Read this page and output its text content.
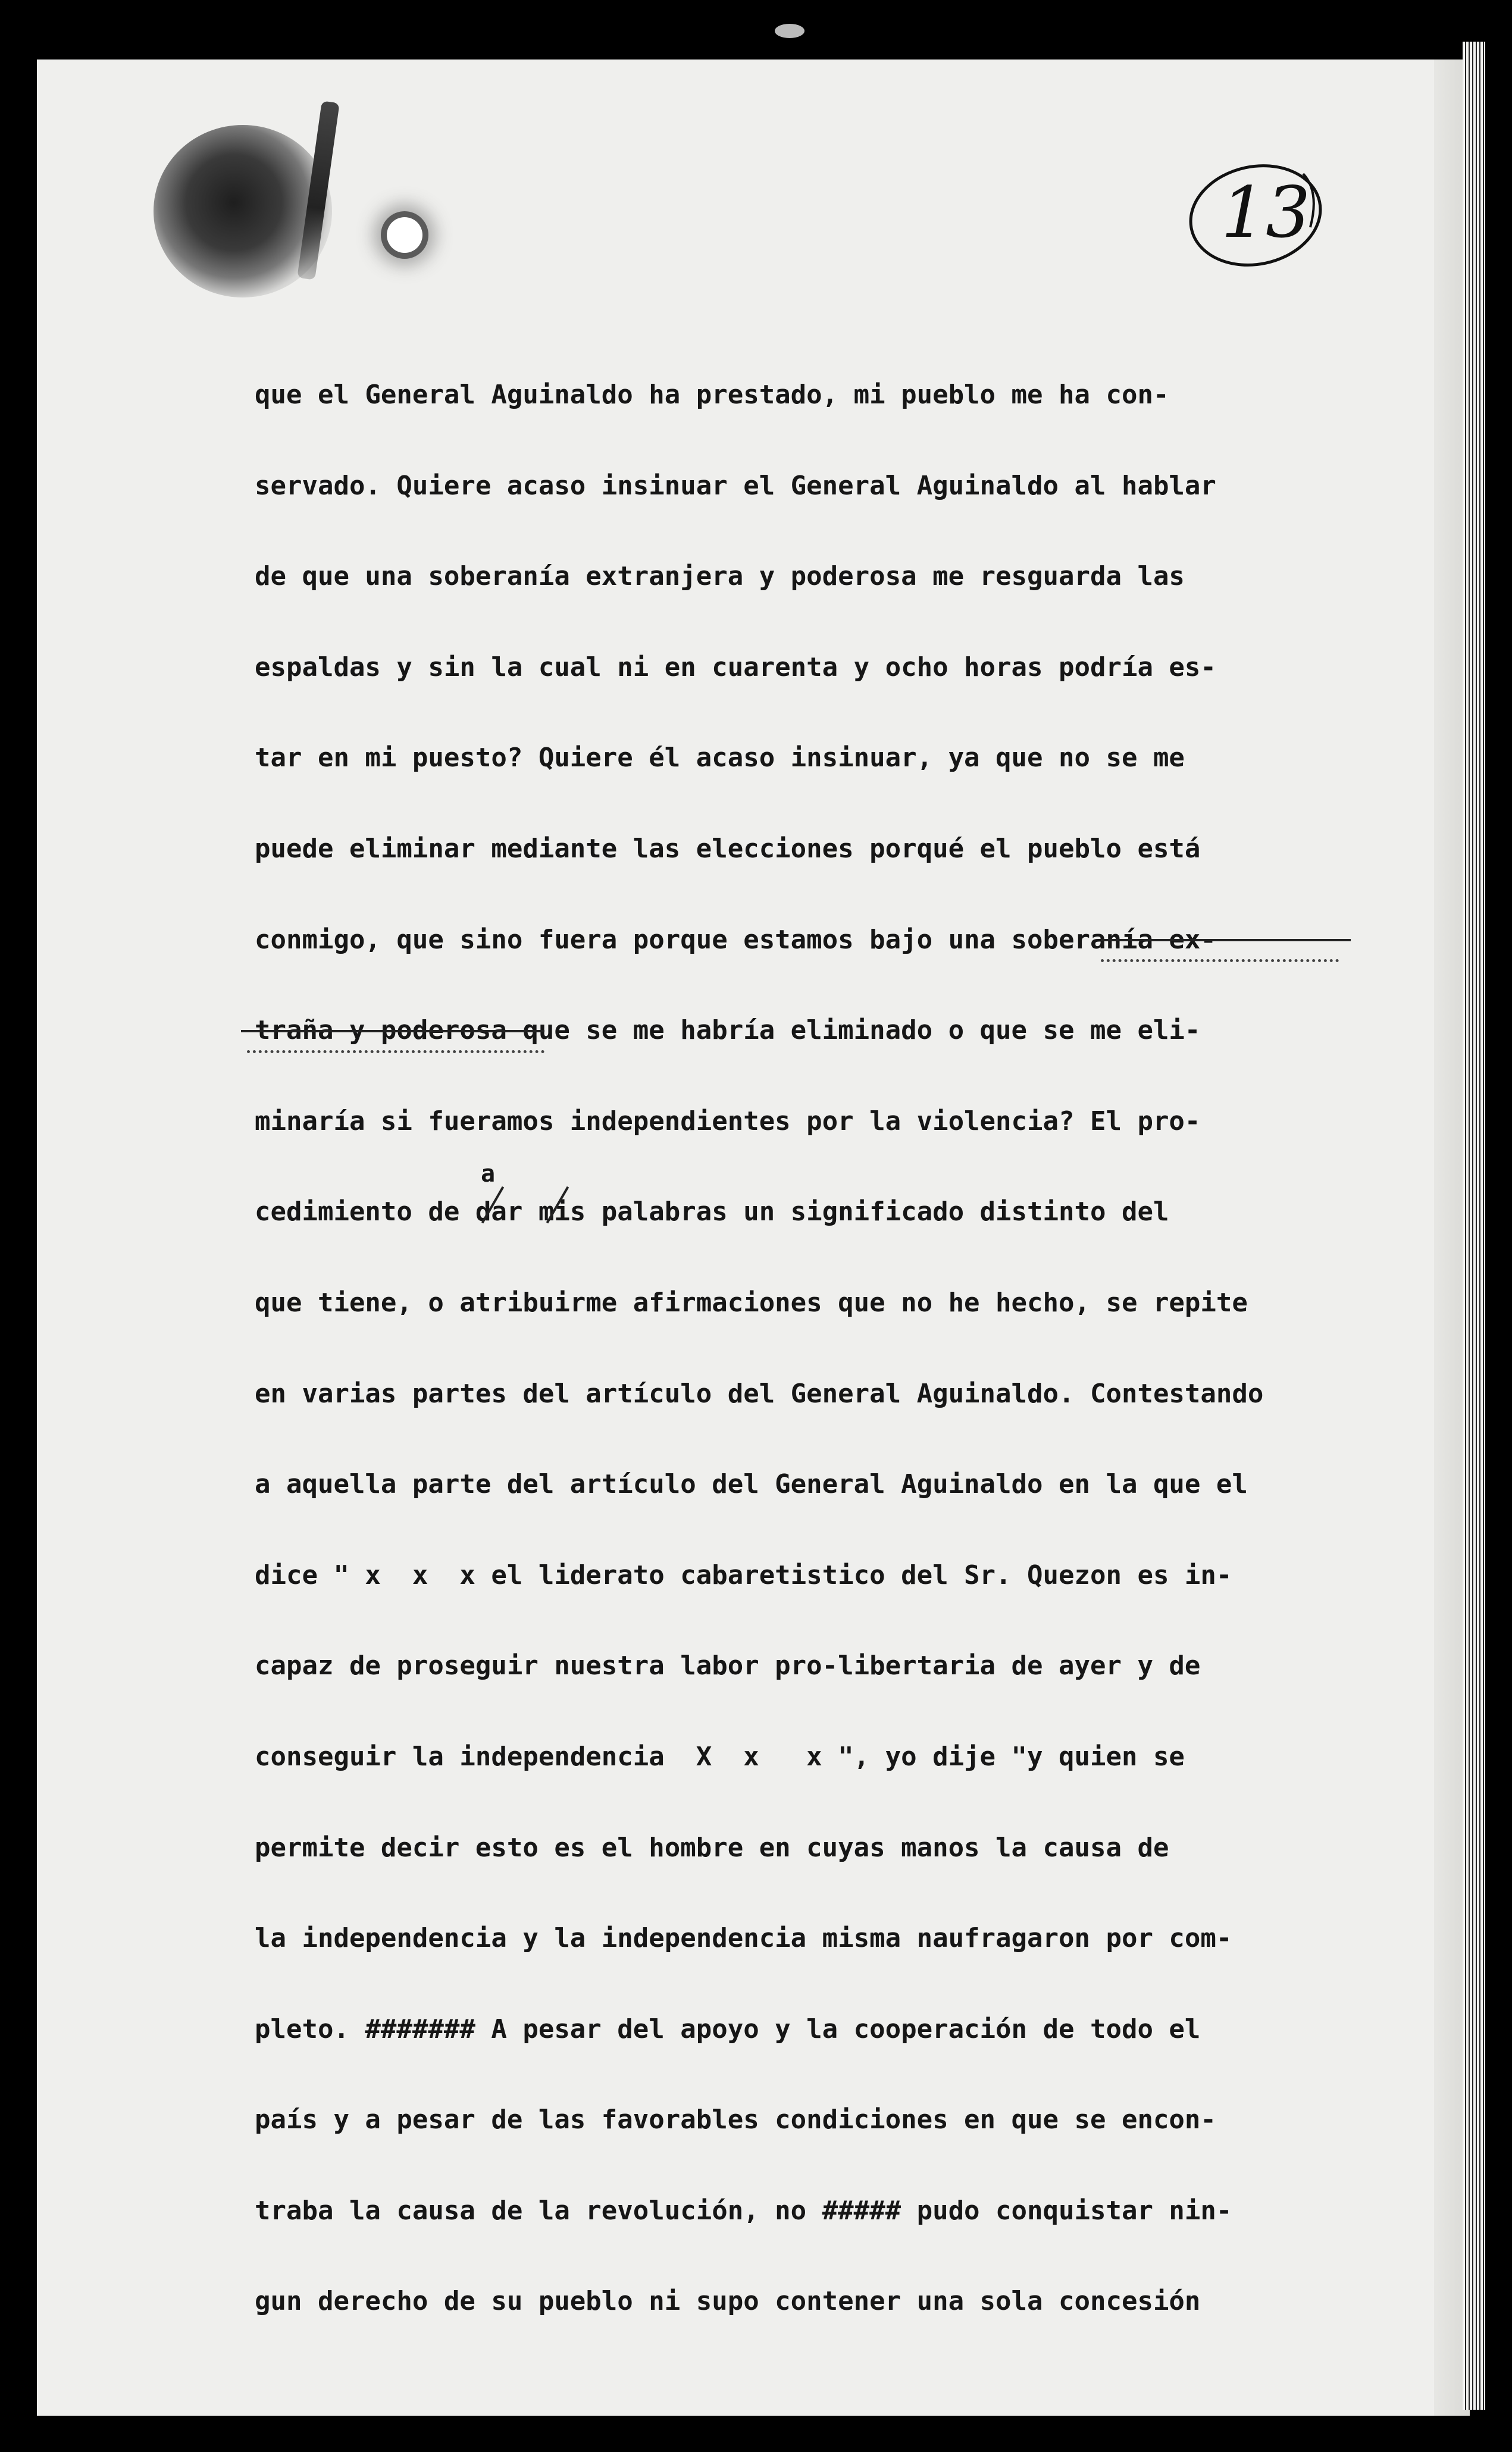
13
que el General Aguinaldo ha prestado, mi pueblo me ha con-
servado. Quiere acaso insinuar el General Aguinaldo al hablar
de que una soberanía extranjera y poderosa me resguarda las
espaldas y sin la cual ni en cuarenta y ocho horas podría es-
tar en mi puesto? Quiere él acaso insinuar, ya que no se me
puede eliminar mediante las elecciones porqué el pueblo está
conmigo, que sino fuera porque estamos bajo una soberanía ex-
traña y poderosa que se me habría eliminado o que se me eli-
minaría si fueramos independientes por la violencia? El pro-
cedimiento de dar mis palabras un significado distinto del
que tiene, o atribuirme afirmaciones que no he hecho, se repite
en varias partes del artículo del General Aguinaldo. Contestando
a aquella parte del artículo del General Aguinaldo en la que el
dice " x  x  x el liderato cabaretistico del Sr. Quezon es in-
capaz de proseguir nuestra labor pro-libertaria de ayer y de
conseguir la independencia  X  x   x ", yo dije "y quien se
permite decir esto es el hombre en cuyas manos la causa de
la independencia y la independencia misma naufragaron por com-
pleto. ####### A pesar del apoyo y la cooperación de todo el
país y a pesar de las favorables condiciones en que se encon-
traba la causa de la revolución, no ##### pudo conquistar nin-
gun derecho de su pueblo ni supo contener una sola concesión
a
